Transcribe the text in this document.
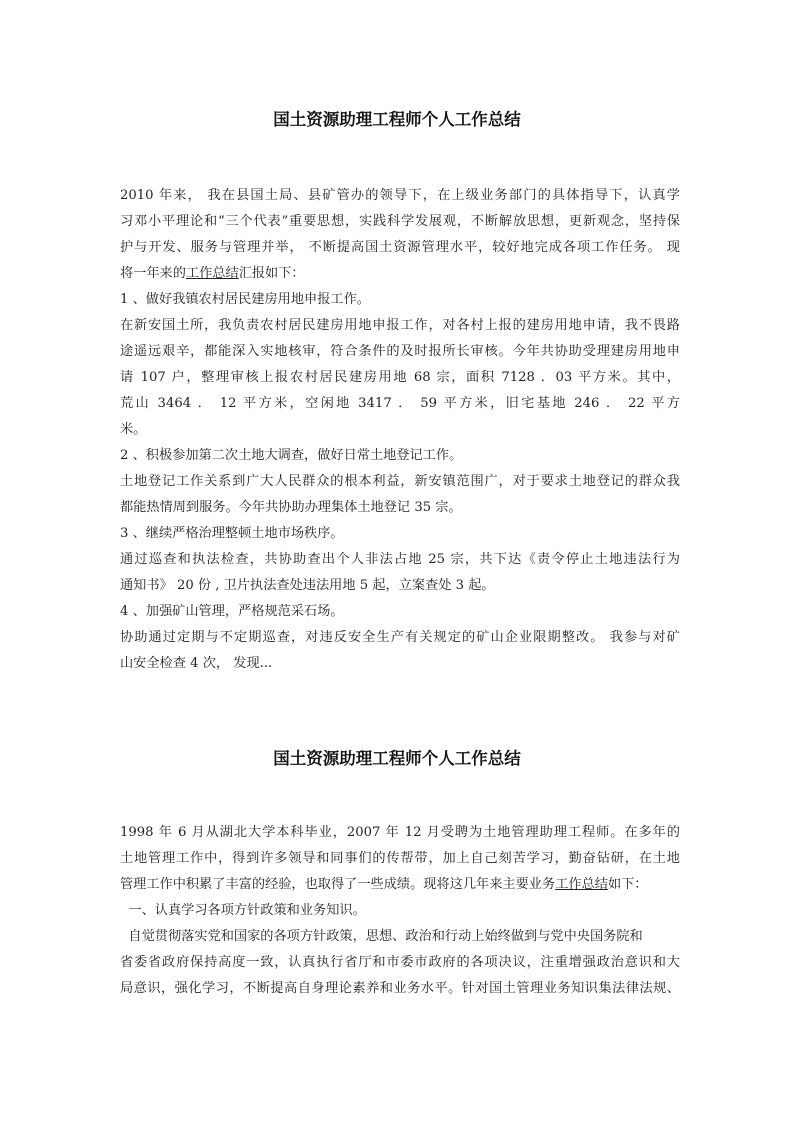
国土资源助理工程师个人工作总结
2010 年来， 我在县国土局、县矿管办的领导下，在上级业务部门的具体指导下，认真学
习邓小平理论和“三个代表”重要思想，实践科学发展观，不断解放思想，更新观念，坚持保
护与开发、服务与管理并举， 不断提高国土资源管理水平，较好地完成各项工作任务。 现
将一年来的工作总结汇报如下：
1 、做好我镇农村居民建房用地申报工作。
在新安国土所，我负责农村居民建房用地申报工作，对各村上报的建房用地申请，我不畏路
途遥远艰辛，都能深入实地核审，符合条件的及时报所长审核。今年共协助受理建房用地申
请 107 户，整理审核上报农村居民建房用地 68 宗，面积 7128 ．03 平方米。其中，
荒山 3464 ． 12 平方米，空闲地 3417 ． 59 平方米，旧宅基地 246 ． 22 平方
米。
2 、积极参加第二次土地大调查，做好日常土地登记工作。
土地登记工作关系到广大人民群众的根本利益，新安镇范围广，对于要求土地登记的群众我
都能热情周到服务。今年共协助办理集体土地登记 35 宗。
3 、继续严格治理整顿土地市场秩序。
通过巡查和执法检查，共协助查出个人非法占地 25 宗，共下达《责令停止土地违法行为
通知书》 20 份 , 卫片执法查处违法用地 5 起，立案查处 3 起。
4 、加强矿山管理，严格规范采石场。
协助通过定期与不定期巡查，对违反安全生产有关规定的矿山企业限期整改。 我参与对矿
山安全检查 4 次， 发现...
国土资源助理工程师个人工作总结
1998 年 6 月从湖北大学本科毕业，2007 年 12 月受聘为土地管理助理工程师。在多年的
土地管理工作中，得到许多领导和同事们的传帮带，加上自己刻苦学习，勤奋钻研，在土地
管理工作中积累了丰富的经验，也取得了一些成绩。现将这几年来主要业务工作总结如下：
一、认真学习各项方针政策和业务知识。
自觉贯彻落实党和国家的各项方针政策，思想、政治和行动上始终做到与党中央国务院和
省委省政府保持高度一致，认真执行省厅和市委市政府的各项决议，注重增强政治意识和大
局意识，强化学习，不断提高自身理论素养和业务水平。针对国土管理业务知识集法律法规、
